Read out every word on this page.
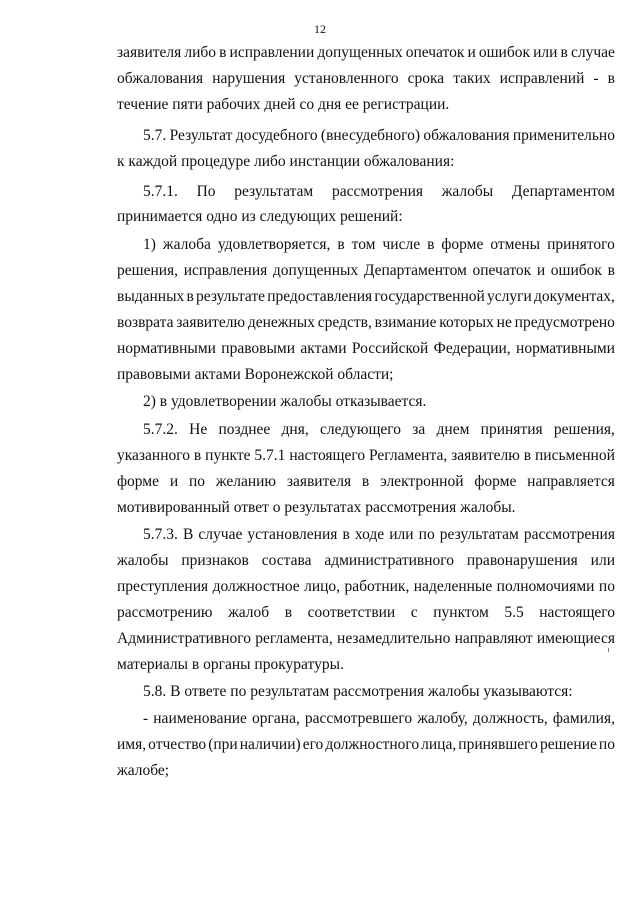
12
заявителя либо в исправлении допущенных опечаток и ошибок или в случае
обжалования нарушения установленного срока таких исправлений - в
течение пяти рабочих дней со дня ее регистрации.
5.7. Результат досудебного (внесудебного) обжалования применительно
к каждой процедуре либо инстанции обжалования:
5.7.1. По результатам рассмотрения жалобы Департаментом
принимается одно из следующих решений:
1) жалоба удовлетворяется, в том числе в форме отмены принятого
решения, исправления допущенных Департаментом опечаток и ошибок в
выданных в результате предоставления государственной услуги документах,
возврата заявителю денежных средств, взимание которых не предусмотрено
нормативными правовыми актами Российской Федерации, нормативными
правовыми актами Воронежской области;
2) в удовлетворении жалобы отказывается.
5.7.2. Не позднее дня, следующего за днем принятия решения,
указанного в пункте 5.7.1 настоящего Регламента, заявителю в письменной
форме и по желанию заявителя в электронной форме направляется
мотивированный ответ о результатах рассмотрения жалобы.
5.7.3. В случае установления в ходе или по результатам рассмотрения
жалобы признаков состава административного правонарушения или
преступления должностное лицо, работник, наделенные полномочиями по
рассмотрению жалоб в соответствии с пунктом 5.5 настоящего
Административного регламента, незамедлительно направляют имеющиеся
материалы в органы прокуратуры.
5.8. В ответе по результатам рассмотрения жалобы указываются:
- наименование органа, рассмотревшего жалобу, должность, фамилия,
имя, отчество (при наличии) его должностного лица, принявшего решение по
жалобе;
